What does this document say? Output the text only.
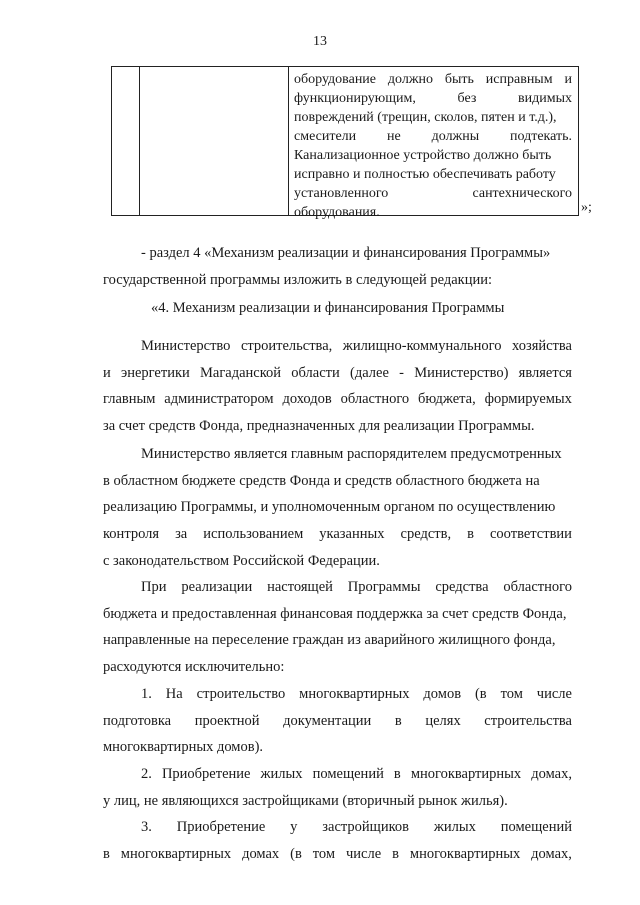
13
оборудование должно быть исправным и
функционирующим,	без	видимых
повреждений (трещин, сколов, пятен и т.д.),
смесители не должны подтекать.
Канализационное устройство должно быть
исправно и полностью обеспечивать работу
установленного	сантехнического
оборудования.	»;
- раздел 4 «Механизм реализации и финансирования Программы»
государственной программы изложить в следующей редакции:
«4. Механизм реализации и финансирования Программы
Министерство строительства, жилищно-коммунального хозяйства
и энергетики Магаданской области (далее - Министерство) является
главным администратором доходов областного бюджета, формируемых
за счет средств Фонда, предназначенных для реализации Программы.
Министерство является главным распорядителем предусмотренных
в областном бюджете средств Фонда и средств областного бюджета на
реализацию Программы, и уполномоченным органом по осуществлению
контроля за использованием указанных средств, в соответствии
с законодательством Российской Федерации.
При реализации настоящей Программы средства областного
бюджета и предоставленная финансовая поддержка за счет средств Фонда,
направленные на переселение граждан из аварийного жилищного фонда,
расходуются исключительно:
1. На строительство многоквартирных домов (в том числе
подготовка проектной документации в целях строительства
многоквартирных домов).
2. Приобретение жилых помещений в многоквартирных домах,
у лиц, не являющихся застройщиками (вторичный рынок жилья).
3. Приобретение у застройщиков жилых помещений
в многоквартирных домах (в том числе в многоквартирных домах,
